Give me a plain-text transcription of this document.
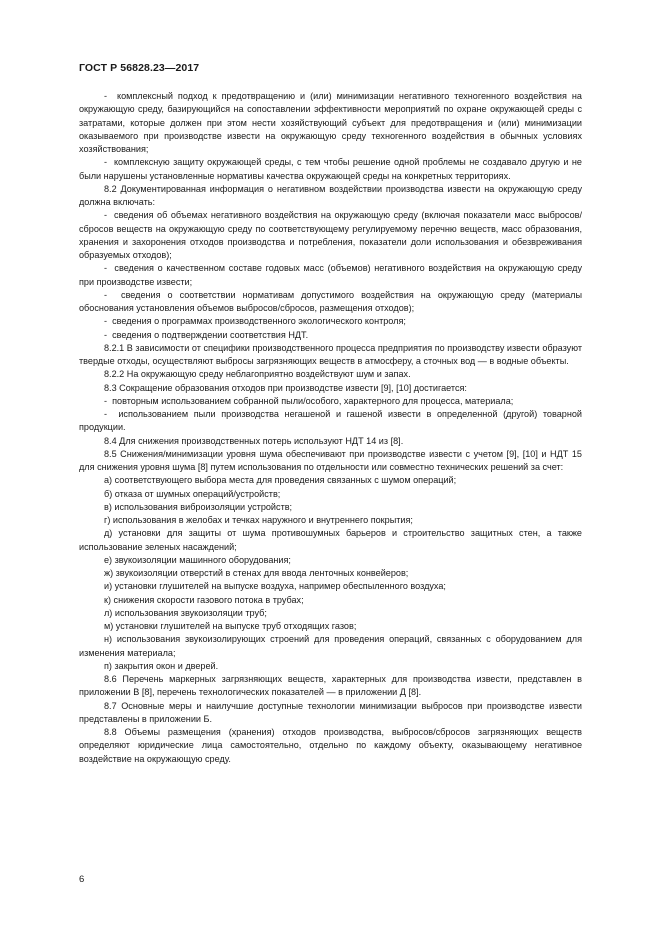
ГОСТ Р 56828.23—2017

-  комплексный подход к предотвращению и (или) минимизации негативного техногенного воздействия на окружающую среду, базирующийся на сопоставлении эффективности мероприятий по охране окружающей среды с затратами, которые должен при этом нести хозяйствующий субъект для предотвращения и (или) минимизации оказываемого при производстве извести на окружающую среду техногенного воздействия в обычных условиях хозяйствования;

-  комплексную защиту окружающей среды, с тем чтобы решение одной проблемы не создавало другую и не были нарушены установленные нормативы качества окружающей среды на конкретных территориях.

8.2 Документированная информация о негативном воздействии производства извести на окружающую среду должна включать:

-  сведения об объемах негативного воздействия на окружающую среду (включая показатели масс выбросов/сбросов веществ на окружающую среду по соответствующему регулируемому перечню веществ, масс образования, хранения и захоронения отходов производства и потребления, показатели доли использования и обезвреживания образуемых отходов);

-  сведения о качественном составе годовых масс (объемов) негативного воздействия на окружающую среду при производстве извести;

-  сведения о соответствии нормативам допустимого воздействия на окружающую среду (материалы обоснования установления объемов выбросов/сбросов, размещения отходов);

-  сведения о программах производственного экологического контроля;

-  сведения о подтверждении соответствия НДТ.

8.2.1 В зависимости от специфики производственного процесса предприятия по производству извести образуют твердые отходы, осуществляют выбросы загрязняющих веществ в атмосферу, а сточных вод — в водные объекты.

8.2.2 На окружающую среду неблагоприятно воздействуют шум и запах.

8.3 Сокращение образования отходов при производстве извести [9], [10] достигается:

-  повторным использованием собранной пыли/особого, характерного для процесса, материала;

-  использованием пыли производства негашеной и гашеной извести в определенной (другой) товарной продукции.

8.4 Для снижения производственных потерь используют НДТ 14 из [8].

8.5 Снижения/минимизации уровня шума обеспечивают при производстве извести с учетом [9], [10] и НДТ 15 для снижения уровня шума [8] путем использования по отдельности или совместно технических решений за счет:

а) соответствующего выбора места для проведения связанных с шумом операций;

б) отказа от шумных операций/устройств;

в) использования виброизоляции устройств;

г) использования в желобах и течках наружного и внутреннего покрытия;

д) установки для защиты от шума противошумных барьеров и строительство защитных стен, а также использование зеленых насаждений;

е) звукоизоляции машинного оборудования;

ж) звукоизоляции отверстий в стенах для ввода ленточных конвейеров;

и) установки глушителей на выпуске воздуха, например обеспыленного воздуха;

к) снижения скорости газового потока в трубах;

л) использования звукоизоляции труб;

м) установки глушителей на выпуске труб отходящих газов;

н) использования звукоизолирующих строений для проведения операций, связанных с оборудованием для изменения материала;

п) закрытия окон и дверей.

8.6 Перечень маркерных загрязняющих веществ, характерных для производства извести, представлен в приложении В [8], перечень технологических показателей — в приложении Д [8].

8.7 Основные меры и наилучшие доступные технологии минимизации выбросов при производстве извести представлены в приложении Б.

8.8 Объемы размещения (хранения) отходов производства, выбросов/сбросов загрязняющих веществ определяют юридические лица самостоятельно, отдельно по каждому объекту, оказывающему негативное воздействие на окружающую среду.

6
